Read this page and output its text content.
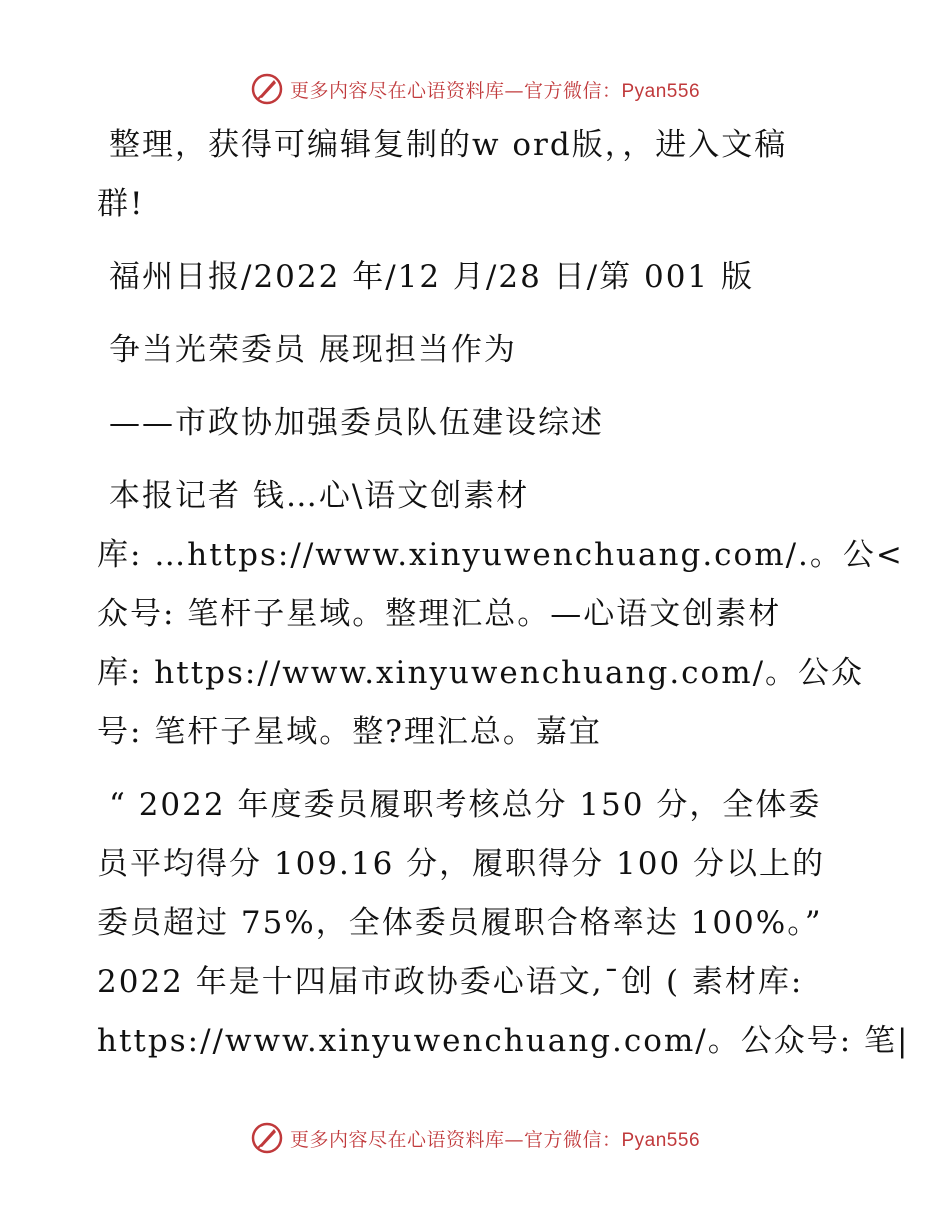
更多内容尽在心语资料库—官方微信：Pyan556
整理，获得可编辑复制的w ord版，，进入文稿
群!
福州日报/2022 年/12 月/28 日/第 001 版
争当光荣委员 展现担当作为
——市政协加强委员队伍建设综述
本报记者 钱…心\语文创素材
库: …https://www.xinyuwenchuang.com/.。公<
众号: 笔杆子星域。整理汇总。—心语文创素材
库: https://www.xinyuwenchuang.com/。公众
号: 笔杆子星域。整?理汇总。嘉宜
“ 2022 年度委员履职考核总分 150 分，全体委
员平均得分 109.16 分，履职得分 100 分以上的
委员超过 75%，全体委员履职合格率达 100%。”
2022 年是十四届市政协委心语文,¯创 ( 素材库:
https://www.xinyuwenchuang.com/。公众号: 笔|
更多内容尽在心语资料库—官方微信：Pyan556
